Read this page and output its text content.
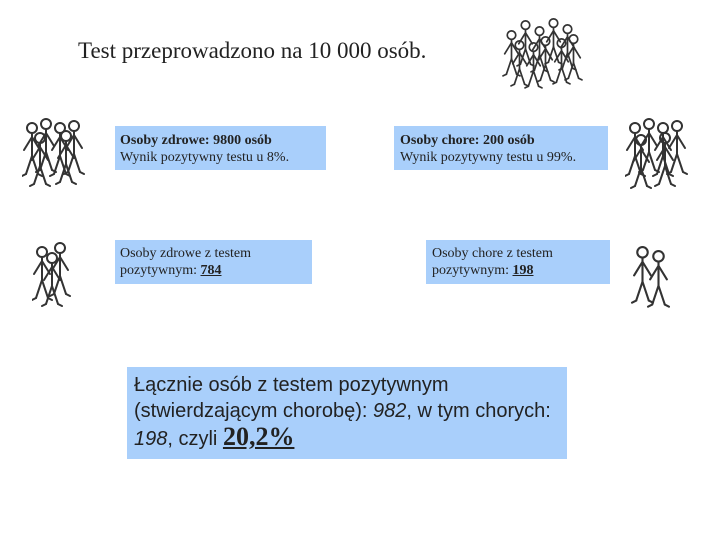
Test przeprowadzono na 10 000 osób.
Osoby zdrowe: 9800 osób
Wynik pozytywny testu u 8%.
Osoby chore: 200 osób
Wynik pozytywny testu u 99%.
Osoby zdrowe z testem pozytywnym: 784
Osoby chore z testem pozytywnym: 198
Łącznie osób z testem pozytywnym (stwierdzającym chorobę): 982, w tym chorych: 198, czyli 20,2%
